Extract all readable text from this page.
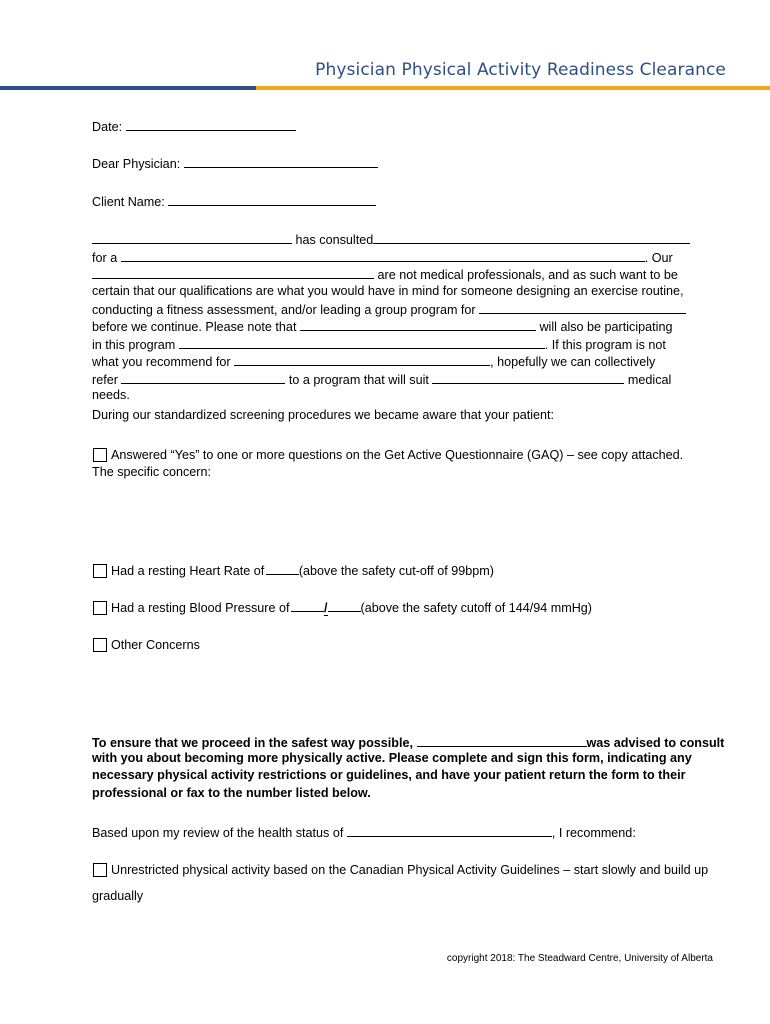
Physician Physical Activity Readiness Clearance
Date:
Dear Physician:
Client Name:
has consulted
for a	. Our
are not medical professionals, and as such want to be
certain that our qualifications are what you would have in mind for someone designing an exercise routine,
conducting a fitness assessment, and/or leading a group program for
before we continue. Please note that	will also be participating
in this program	. If this program is not
what you recommend for	, hopefully we can collectively
refer	to a program that will suit	medical
needs.
During our standardized screening procedures we became aware that your patient:
Answered “Yes” to one or more questions on the Get Active Questionnaire (GAQ) – see copy attached.
The specific concern:
Had a resting Heart Rate of	(above the safety cut-off of 99bpm)
Had a resting Blood Pressure of	/	(above the safety cutoff of 144/94 mmHg)
Other Concerns
To ensure that we proceed in the safest way possible,	was advised to consult
with you about becoming more physically active. Please complete and sign this form, indicating any
necessary physical activity restrictions or guidelines, and have your patient return the form to their
professional or fax to the number listed below.
Based upon my review of the health status of	, I recommend:
Unrestricted physical activity based on the Canadian Physical Activity Guidelines – start slowly and build up
gradually
copyright 2018: The Steadward Centre, University of Alberta
